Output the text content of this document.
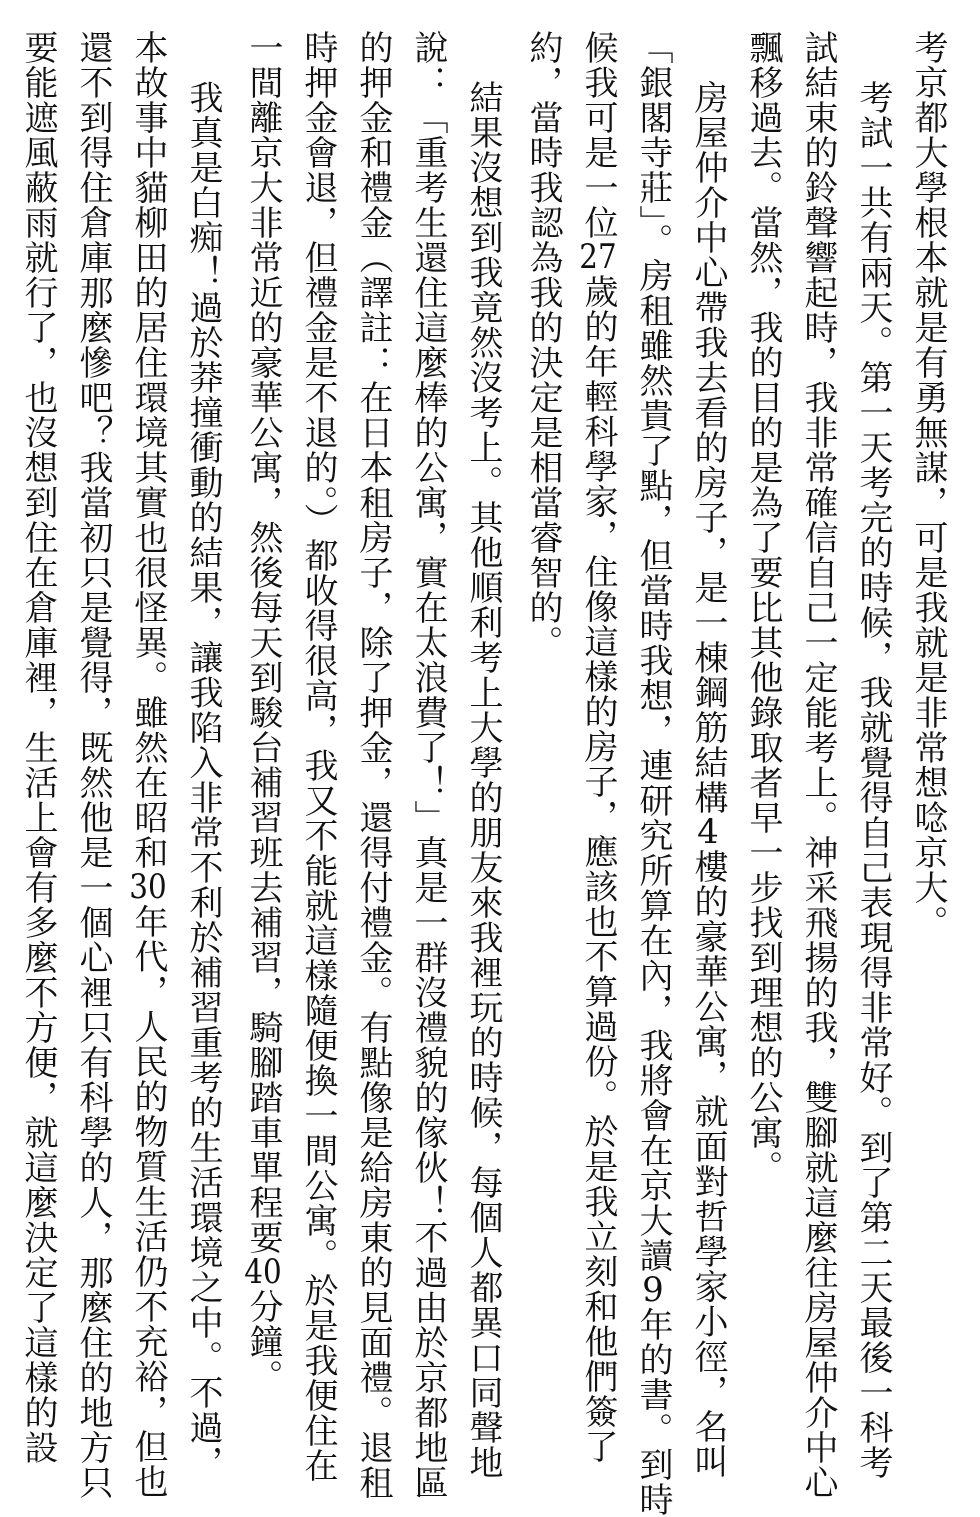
考京都大學根本就是有勇無謀，可是我就是非常想唸京大。
考試一共有兩天。第一天考完的時候，我就覺得自己表現得非常好。到了第二天最後一科考
試結束的鈴聲響起時，我非常確信自己一定能考上。神采飛揚的我，雙腳就這麼往房屋仲介中心
飄移過去。當然，我的目的是為了要比其他錄取者早一步找到理想的公寓。
房屋仲介中心帶我去看的房子，是一棟鋼筋結構4樓的豪華公寓，就面對哲學家小徑，名叫
「銀閣寺莊」。房租雖然貴了點，但當時我想，連研究所算在內，我將會在京大讀9年的書。到時
候我可是一位27歲的年輕科學家，住像這樣的房子，應該也不算過份。於是我立刻和他們簽了
約，當時我認為我的決定是相當睿智的。
結果沒想到我竟然沒考上。其他順利考上大學的朋友來我裡玩的時候，每個人都異口同聲地
說：「重考生還住這麼棒的公寓，實在太浪費了！」真是一群沒禮貌的傢伙！不過由於京都地區
的押金和禮金（譯註：在日本租房子，除了押金，還得付禮金。有點像是給房東的見面禮。退租
時押金會退，但禮金是不退的。）都收得很高，我又不能就這樣隨便換一間公寓。於是我便住在
一間離京大非常近的豪華公寓，然後每天到駿台補習班去補習，騎腳踏車單程要40分鐘。
我真是白痴！過於莽撞衝動的結果，讓我陷入非常不利於補習重考的生活環境之中。不過，
本故事中貓柳田的居住環境其實也很怪異。雖然在昭和30年代，人民的物質生活仍不充裕，但也
還不到得住倉庫那麼慘吧？我當初只是覺得，既然他是一個心裡只有科學的人，那麼住的地方只
要能遮風蔽雨就行了，也沒想到住在倉庫裡，生活上會有多麼不方便，就這麼決定了這樣的設
